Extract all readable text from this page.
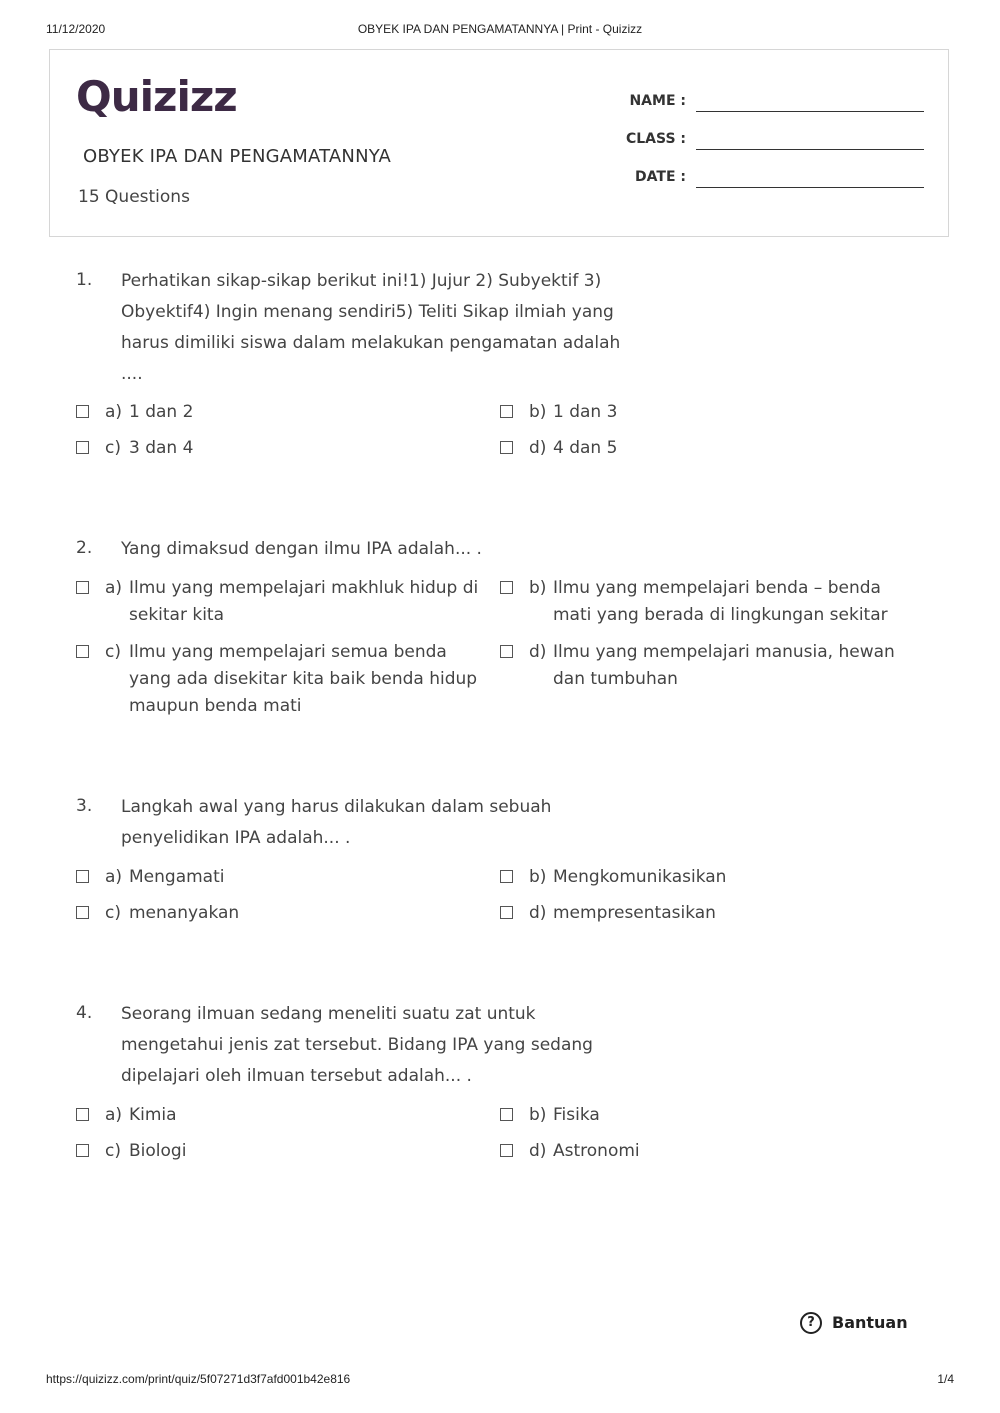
11/12/2020	OBYEK IPA DAN PENGAMATANNYA | Print - Quizizz
Quizizz
OBYEK IPA DAN PENGAMATANNYA
15 Questions
NAME :
CLASS :
DATE :
1. Perhatikan sikap-sikap berikut ini!1) Jujur 2) Subyektif 3) Obyektif4) Ingin menang sendiri5) Teliti Sikap ilmiah yang harus dimiliki siswa dalam melakukan pengamatan adalah ....
a) 1 dan 2	b) 1 dan 3
c) 3 dan 4	d) 4 dan 5
2. Yang dimaksud dengan ilmu IPA adalah... .
a) Ilmu yang mempelajari makhluk hidup di sekitar kita
b) Ilmu yang mempelajari benda – benda mati yang berada di lingkungan sekitar
c) Ilmu yang mempelajari semua benda yang ada disekitar kita baik benda hidup maupun benda mati
d) Ilmu yang mempelajari manusia, hewan dan tumbuhan
3. Langkah awal yang harus dilakukan dalam sebuah penyelidikan IPA adalah... .
a) Mengamati	b) Mengkomunikasikan
c) menanyakan	d) mempresentasikan
4. Seorang ilmuan sedang meneliti suatu zat untuk mengetahui jenis zat tersebut. Bidang IPA yang sedang dipelajari oleh ilmuan tersebut adalah... .
a) Kimia	b) Fisika
c) Biologi	d) Astronomi
?	Bantuan
https://quizizz.com/print/quiz/5f07271d3f7afd001b42e816	1/4
